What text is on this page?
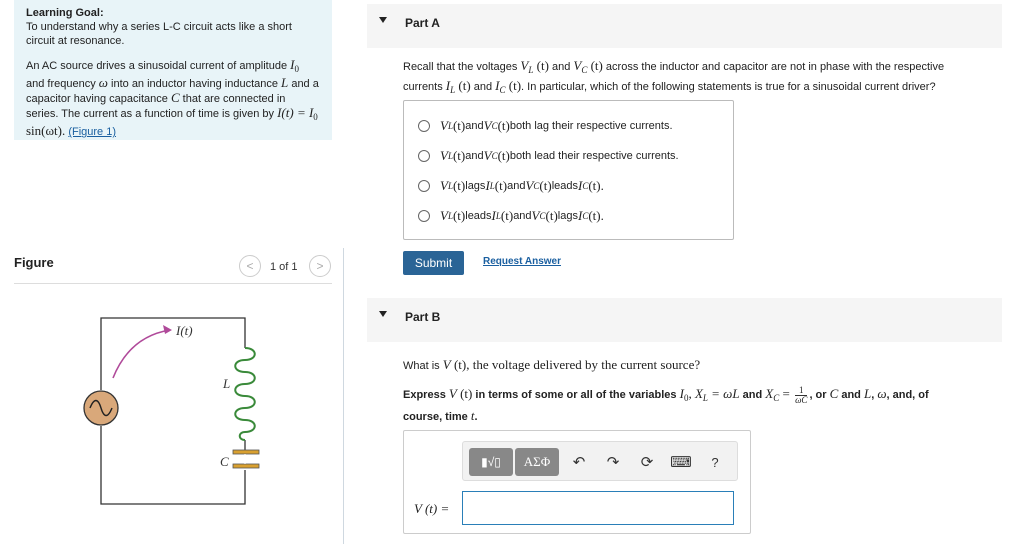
Learning Goal:

To understand why a series L-C circuit acts like a short circuit at resonance.

An AC source drives a sinusoidal current of amplitude $I_0$ and frequency ω into an inductor having inductance L and a capacitor having capacitance C that are connected in series. The current as a function of time is given by $I(t) = I_0$ sin(ωt). (Figure 1)

Figure	<	1 of 1	>
I(t)
L
C
Part A
Recall that the voltages $V_L$ (t) and $V_C$ (t) across the inductor and capacitor are not in phase with the respective
currents $I_L$ (t) and $I_C$ (t). In particular, which of the following statements is true for a sinusoidal current driver?
V L (t) and V C (t) both lag their respective currents.
V L (t) and V C (t) both lead their respective currents.
V L (t) lags I L (t) and V C (t) leads I C (t).
V L (t) leads I L (t) and V C (t) lags I C (t).
Submit	Request Answer
Part B
What is V (t), the voltage delivered by the current source?
Express V (t) in terms of some or all of the variables $I_0$, $X_L = \omega L$ and $X_C = \frac{1}{\omega C}$ , or C and L, ω, and, of
course, time t.
▮√▯	ΑΣΦ	↶ ↷ ⟳ ⌨	?
V (t) =
